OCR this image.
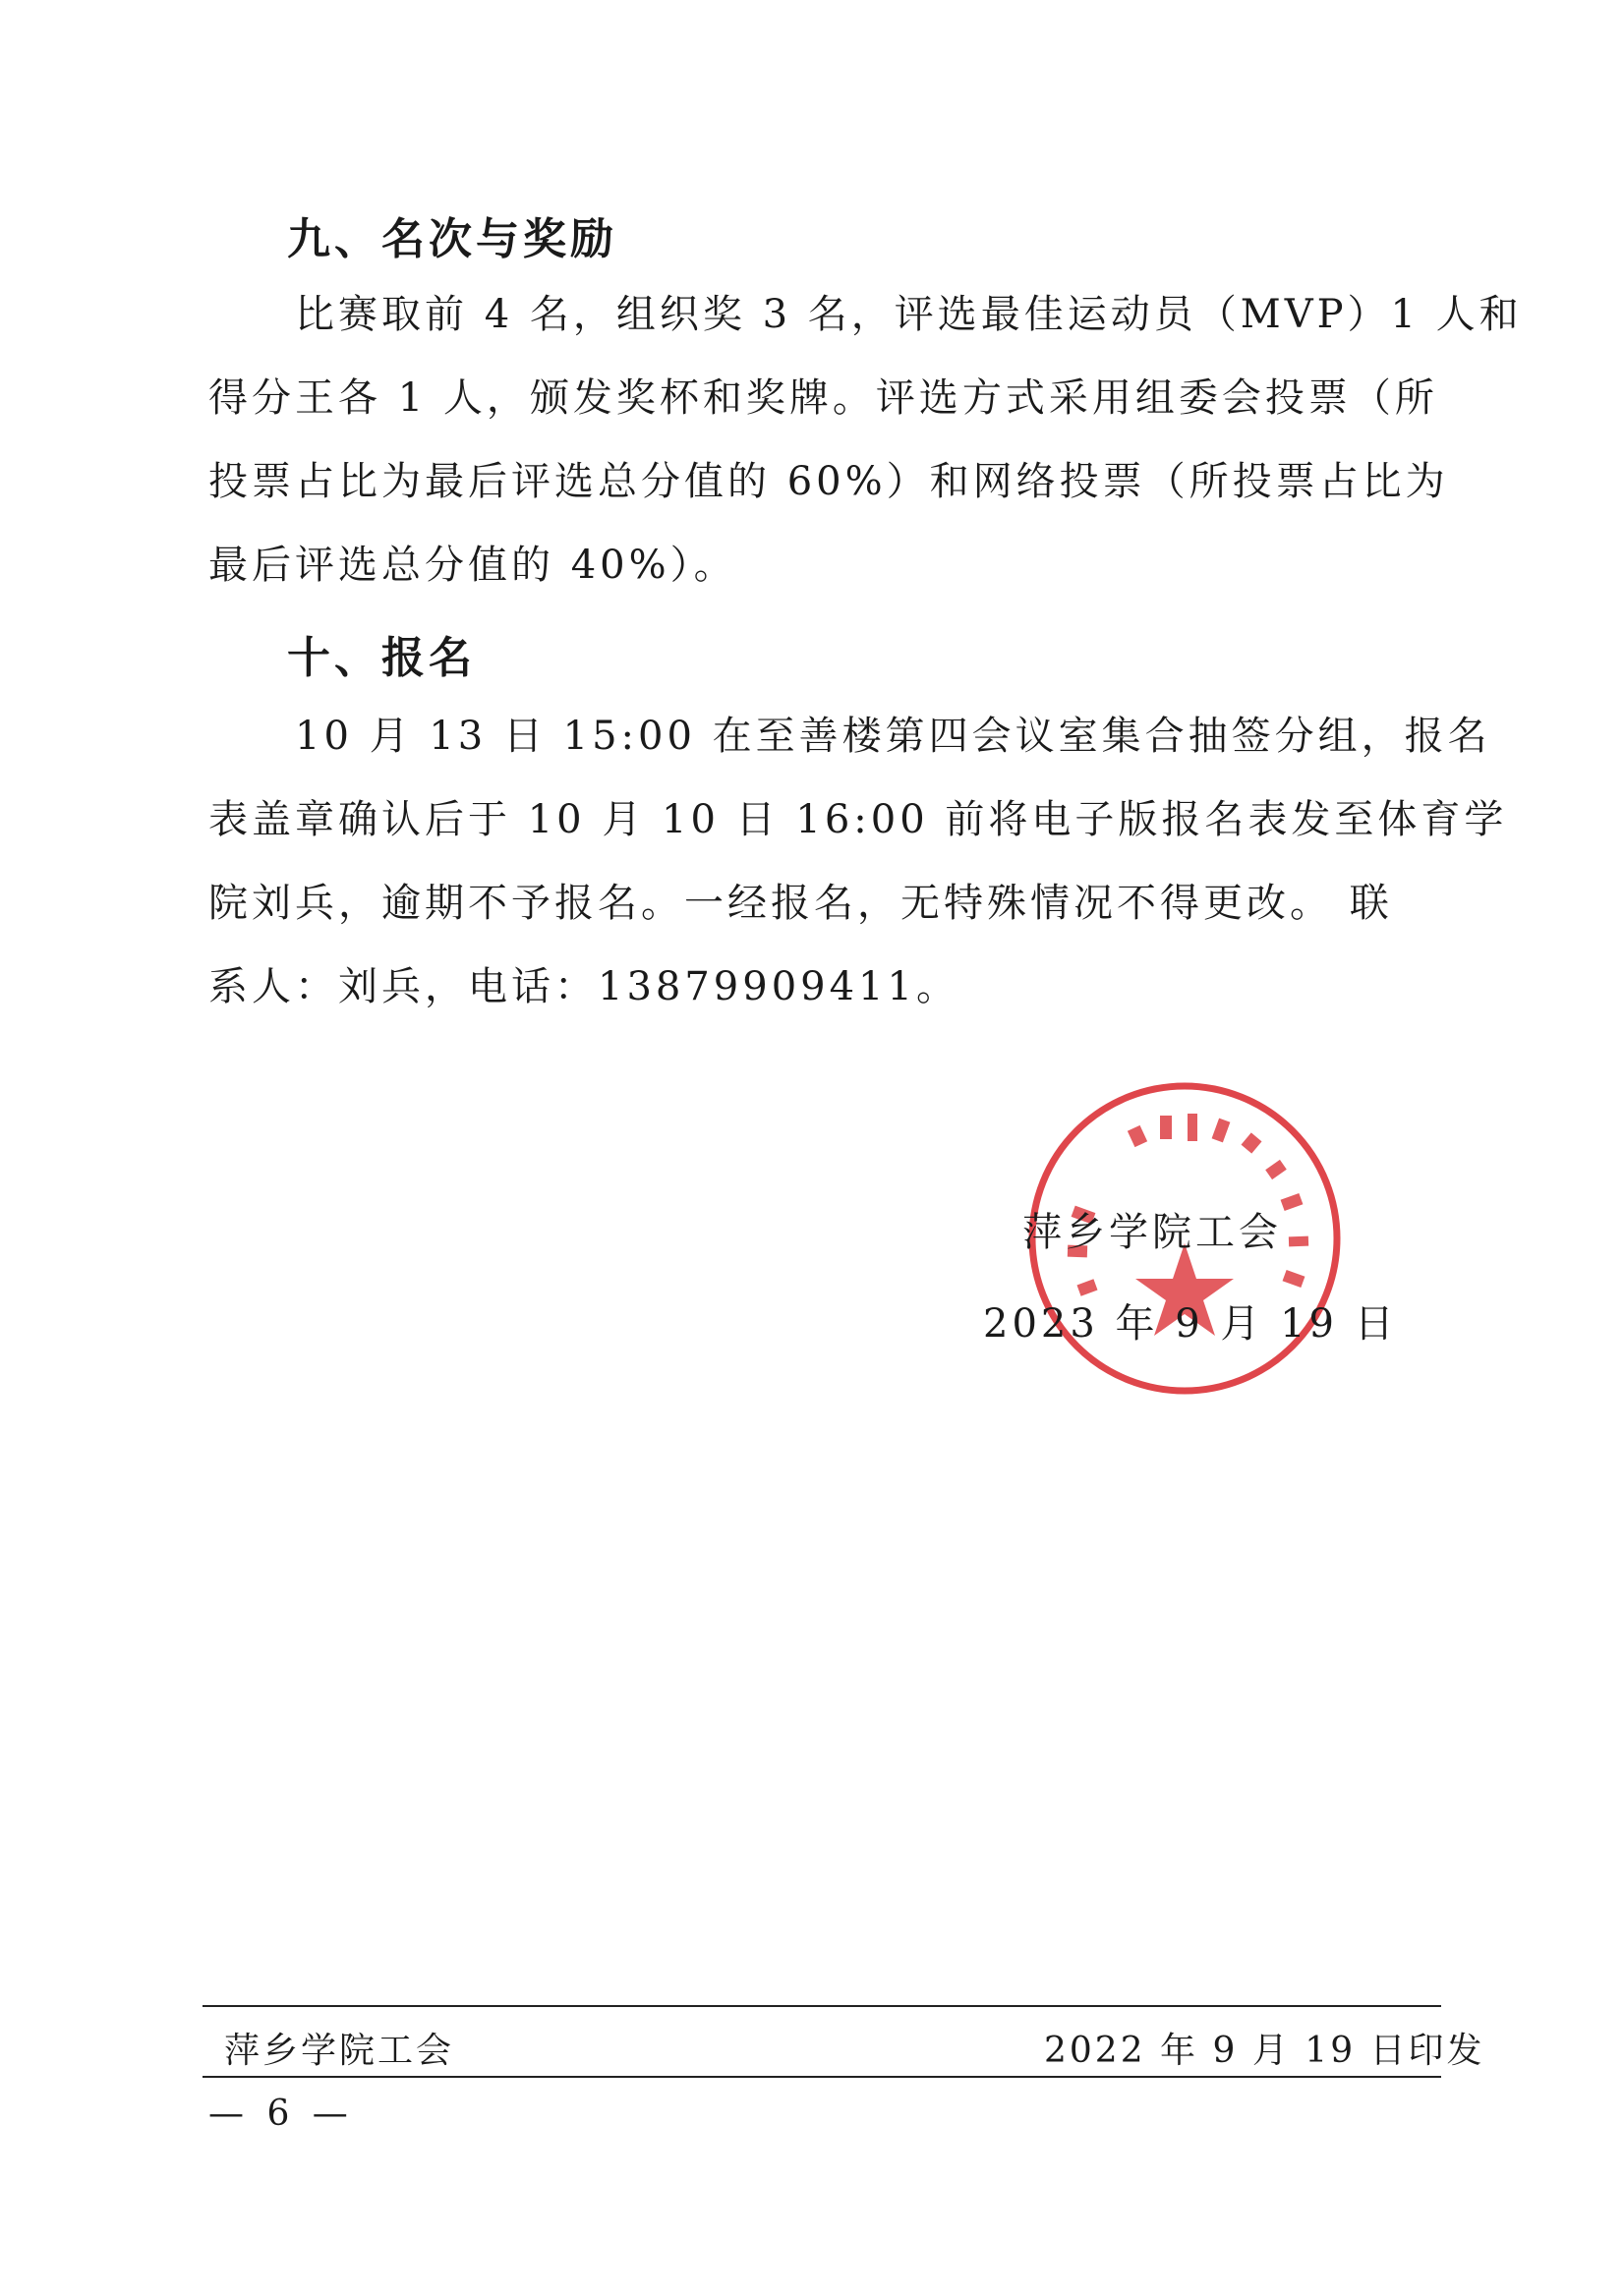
九、名次与奖励
比赛取前 4 名，组织奖 3 名，评选最佳运动员（MVP）1 人和
得分王各 1 人，颁发奖杯和奖牌。评选方式采用组委会投票（所
投票占比为最后评选总分值的 60%）和网络投票（所投票占比为
最后评选总分值的 40%）。
十、报名
10 月 13 日 15:00 在至善楼第四会议室集合抽签分组，报名
表盖章确认后于 10 月 10 日 16:00 前将电子版报名表发至体育学
院刘兵，逾期不予报名。一经报名，无特殊情况不得更改。 联
系人：刘兵，电话：13879909411。
萍乡学院工会
2023 年 9 月 19 日
萍乡学院工会	2022 年 9 月 19 日印发
— 6 —
